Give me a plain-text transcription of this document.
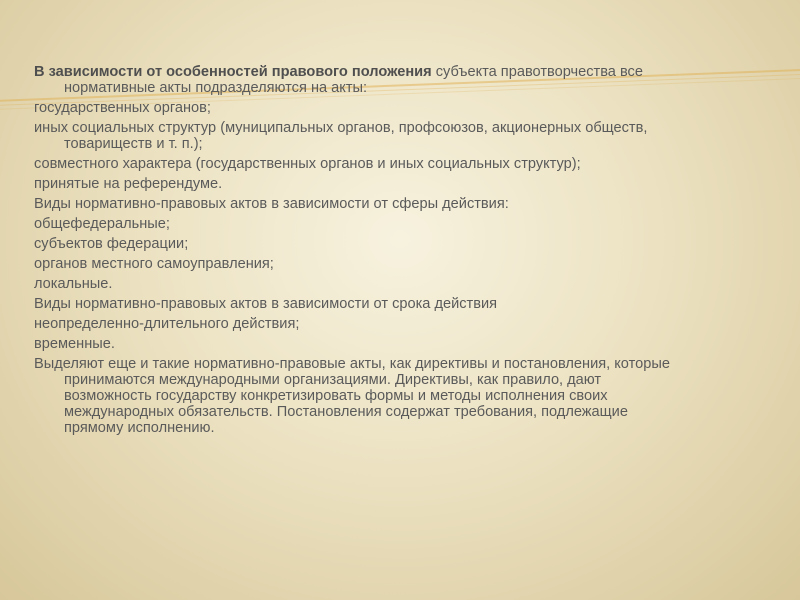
В зависимости от особенностей правового положения субъекта правотворчества все
нормативные акты подразделяются на акты:
государственных органов;
иных социальных структур (муниципальных органов, профсоюзов, акционерных обществ,
товариществ и т. п.);
совместного характера (государственных органов и иных социальных структур);
принятые на референдуме.
Виды нормативно-правовых актов в зависимости от сферы действия:
общефедеральные;
субъектов федерации;
органов местного самоуправления;
локальные.
Виды нормативно-правовых актов в зависимости от срока действия
неопределенно-длительного действия;
временные.
Выделяют еще и такие нормативно-правовые акты, как директивы и постановления, которые
принимаются международными организациями. Директивы, как правило, дают
возможность государству конкретизировать формы и методы исполнения своих
международных обязательств. Постановления содержат требования, подлежащие
прямому исполнению.
